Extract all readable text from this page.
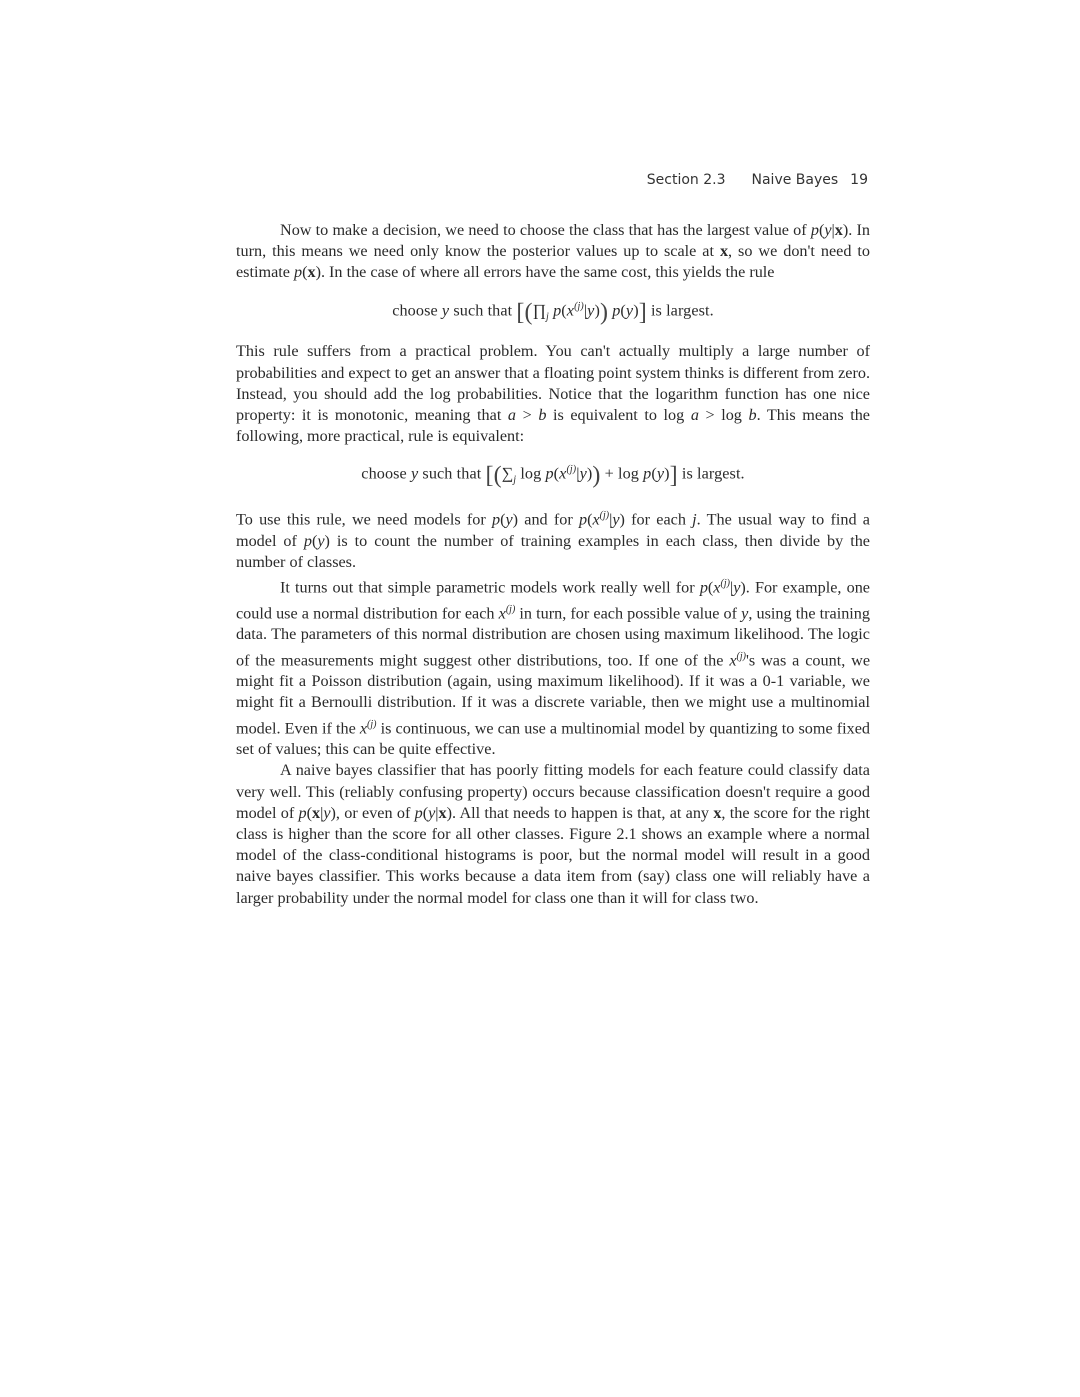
Section 2.3 Naive Bayes 19

Now to make a decision, we need to choose the class that has the largest value of p(y|x). In turn, this means we need only know the posterior values up to scale at x, so we don't need to estimate p(x). In the case of where all errors have the same cost, this yields the rule

choose y such that [($\prod_j$ $p(x^{(j)}|y)$) p(y)] is largest.

This rule suffers from a practical problem. You can't actually multiply a large number of probabilities and expect to get an answer that a floating point system thinks is different from zero. Instead, you should add the log probabilities. Notice that the logarithm function has one nice property: it is monotonic, meaning that a > b is equivalent to log a > log b. This means the following, more practical, rule is equivalent:

choose y such that [($\sum_j$ $\log p(x^{(j)}|y)) + \log p(y)$] is largest.

To use this rule, we need models for p(y) and for $p(x^{(j)}|y)$ for each j. The usual way to find a model of p(y) is to count the number of training examples in each class, then divide by the number of classes.

It turns out that simple parametric models work really well for $p(x^{(j)}|y)$. For example, one could use a normal distribution for each $x^{(j)}$ in turn, for each possible value of y, using the training data. The parameters of this normal distribution are chosen using maximum likelihood. The logic of the measurements might suggest other distributions, too. If one of the $x^{(j)}'s$ was a count, we might fit a Poisson distribution (again, using maximum likelihood). If it was a 0-1 variable, we might fit a Bernoulli distribution. If it was a discrete variable, then we might use a multinomial model. Even if the $x^{(j)}$ is continuous, we can use a multinomial model by quantizing to some fixed set of values; this can be quite effective.

A naive bayes classifier that has poorly fitting models for each feature could classify data very well. This (reliably confusing property) occurs because classification doesn't require a good model of p(x|y), or even of p(y|x). All that needs to happen is that, at any x, the score for the right class is higher than the score for all other classes. Figure 2.1 shows an example where a normal model of the class-conditional histograms is poor, but the normal model will result in a good naive bayes classifier. This works because a data item from (say) class one will reliably have a larger probability under the normal model for class one than it will for class two.
